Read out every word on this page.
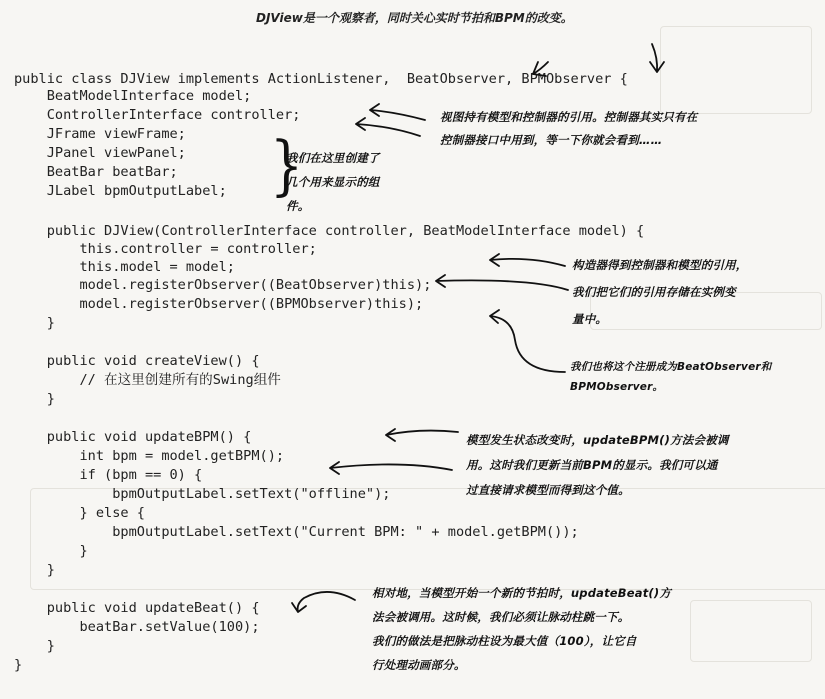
DJView是一个观察者，同时关心实时节拍和BPM的改变。
public class DJView implements ActionListener,  BeatObserver, BPMObserver {
BeatModelInterface model;
ControllerInterface controller;
JFrame viewFrame;
JPanel viewPanel;
BeatBar beatBar;
JLabel bpmOutputLabel;
public DJView(ControllerInterface controller, BeatModelInterface model) {
this.controller = controller;
this.model = model;
model.registerObserver((BeatObserver)this);
model.registerObserver((BPMObserver)this);
}
public void createView() {
// 在这里创建所有的Swing组件
}
public void updateBPM() {
int bpm = model.getBPM();
if (bpm == 0) {
bpmOutputLabel.setText("offline");
} else {
bpmOutputLabel.setText("Current BPM: " + model.getBPM());
}
}
public void updateBeat() {
beatBar.setValue(100);
}
}
}
视图持有模型和控制器的引用。控制器其实只有在
控制器接口中用到，等一下你就会看到……
我们在这里创建了
几个用来显示的组
件。
构造器得到控制器和模型的引用，
我们把它们的引用存储在实例变
量中。
我们也将这个注册成为BeatObserver和
BPMObserver。
模型发生状态改变时，updateBPM()方法会被调
用。这时我们更新当前BPM的显示。我们可以通
过直接请求模型而得到这个值。
相对地，当模型开始一个新的节拍时，updateBeat()方
法会被调用。这时候，我们必须让脉动柱跳一下。
我们的做法是把脉动柱设为最大值（100），让它自
行处理动画部分。
